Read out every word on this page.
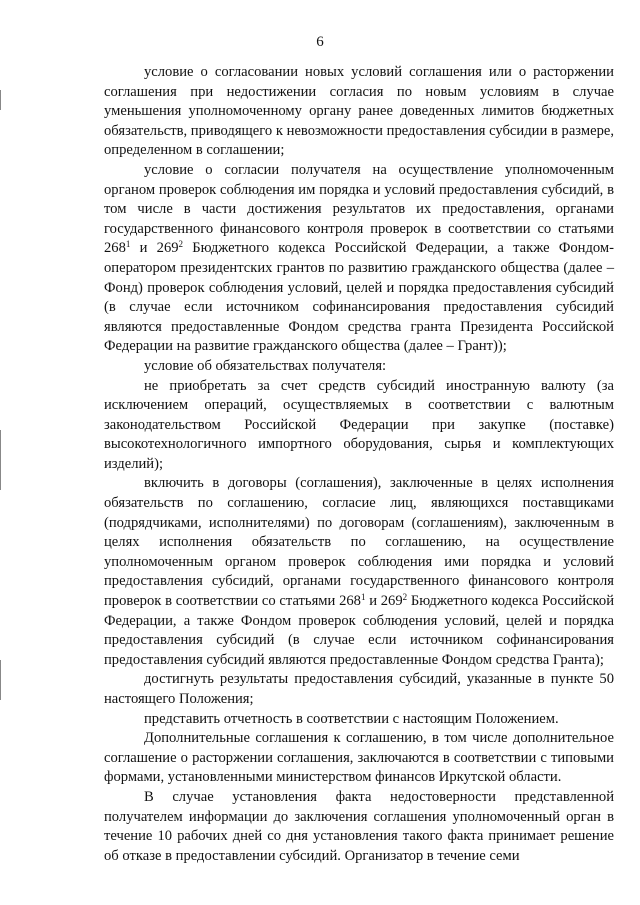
6

условие о согласовании новых условий соглашения или о расторжении соглашения при недостижении согласия по новым условиям в случае уменьшения уполномоченному органу ранее доведенных лимитов бюджетных обязательств, приводящего к невозможности предоставления субсидии в размере, определенном в соглашении;

условие о согласии получателя на осуществление уполномоченным органом проверок соблюдения им порядка и условий предоставления субсидий, в том числе в части достижения результатов их предоставления, органами государственного финансового контроля проверок в соответствии со статьями $268^1$ и $269^2$ Бюджетного кодекса Российской Федерации, а также Фондом-оператором президентских грантов по развитию гражданского общества (далее – Фонд) проверок соблюдения условий, целей и порядка предоставления субсидий (в случае если источником софинансирования предоставления субсидий являются предоставленные Фондом средства гранта Президента Российской Федерации на развитие гражданского общества (далее – Грант));

условие об обязательствах получателя:

не приобретать за счет средств субсидий иностранную валюту (за исключением операций, осуществляемых в соответствии с валютным законодательством Российской Федерации при закупке (поставке) высокотехнологичного импортного оборудования, сырья и комплектующих изделий);

включить в договоры (соглашения), заключенные в целях исполнения обязательств по соглашению, согласие лиц, являющихся поставщиками (подрядчиками, исполнителями) по договорам (соглашениям), заключенным в целях исполнения обязательств по соглашению, на осуществление уполномоченным органом проверок соблюдения ими порядка и условий предоставления субсидий, органами государственного финансового контроля проверок в соответствии со статьями $268^1$ и $269^2$ Бюджетного кодекса Российской Федерации, а также Фондом проверок соблюдения условий, целей и порядка предоставления субсидий (в случае если источником софинансирования предоставления субсидий являются предоставленные Фондом средства Гранта);

достигнуть результаты предоставления субсидий, указанные в пункте 50 настоящего Положения;

представить отчетность в соответствии с настоящим Положением.

Дополнительные соглашения к соглашению, в том числе дополнительное соглашение о расторжении соглашения, заключаются в соответствии с типовыми формами, установленными министерством финансов Иркутской области.

В случае установления факта недостоверности представленной получателем информации до заключения соглашения уполномоченный орган в течение 10 рабочих дней со дня установления такого факта принимает решение об отказе в предоставлении субсидий. Организатор в течение семи
